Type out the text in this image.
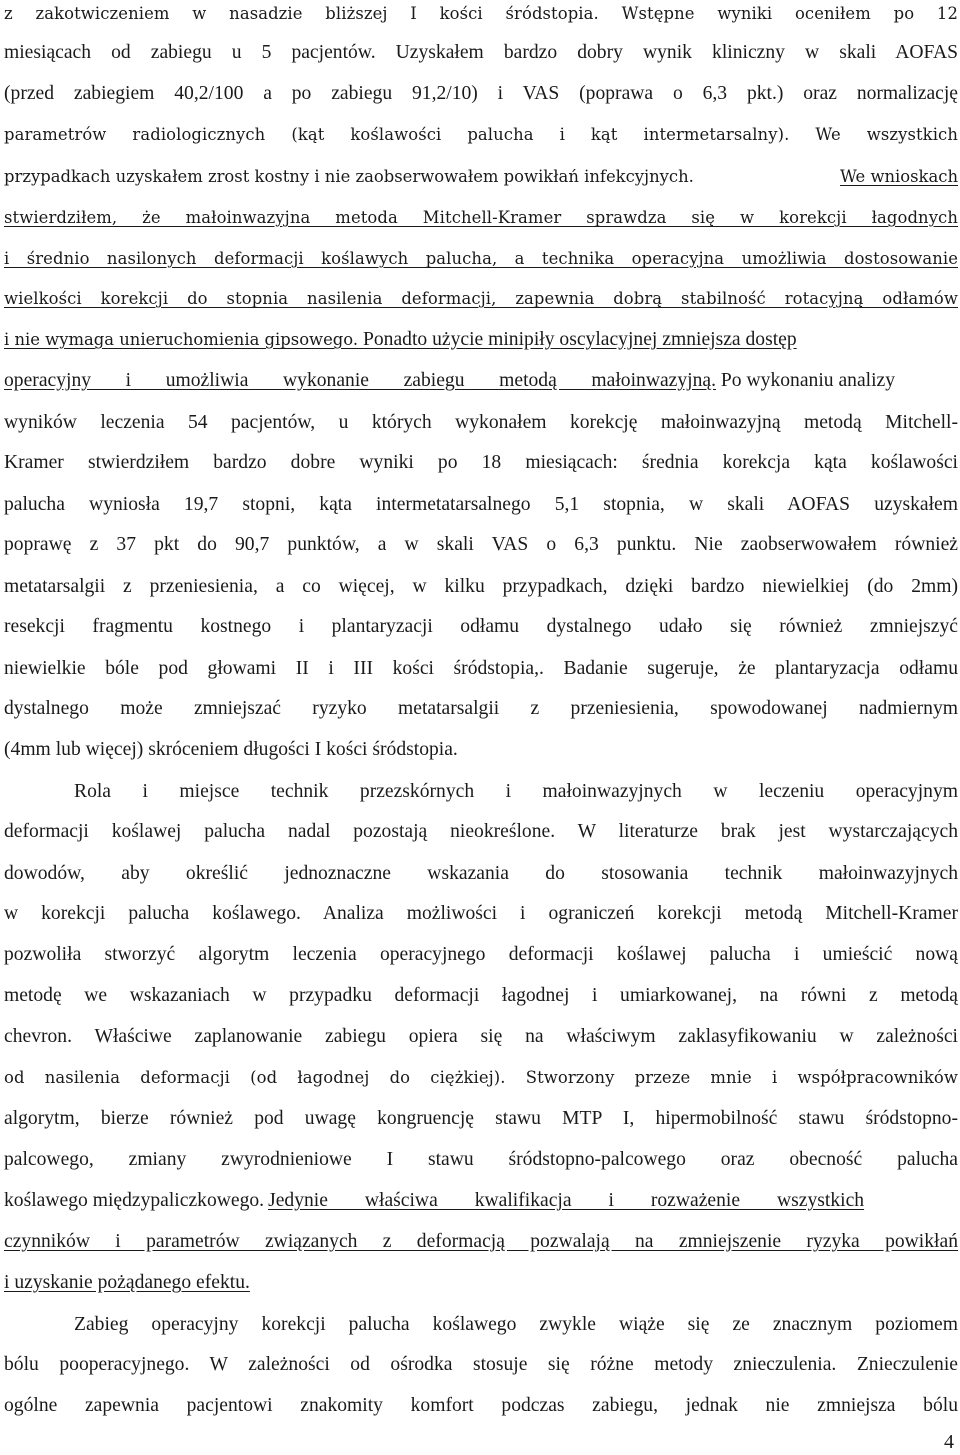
z zakotwiczeniem w nasadzie bliższej I kości śródstopia. Wstępne wyniki oceniłem po 12
miesiącach od zabiegu u 5 pacjentów. Uzyskałem bardzo dobry wynik kliniczny w skali AOFAS
(przed zabiegiem 40,2/100 a po zabiegu 91,2/10) i VAS (poprawa o 6,3 pkt.) oraz normalizację
parametrów radiologicznych (kąt koślawości palucha i kąt intermetarsalny). We wszystkich
przypadkach uzyskałem zrost kostny i nie zaobserwowałem powikłań infekcyjnych.	We wnioskach
stwierdziłem, że małoinwazyjna metoda Mitchell-Kramer sprawdza się w korekcji łagodnych
i średnio nasilonych deformacji koślawych palucha, a technika operacyjna umożliwia dostosowanie
wielkości korekcji do stopnia nasilenia deformacji, zapewnia dobrą stabilność rotacyjną odłamów
i nie wymaga unieruchomienia gipsowego. Ponadto użycie minipiły oscylacyjnej zmniejsza dostęp
operacyjny i umożliwia wykonanie zabiegu metodą małoinwazyjną. Po wykonaniu analizy
wyników leczenia 54 pacjentów, u których wykonałem korekcję małoinwazyjną metodą Mitchell-
Kramer stwierdziłem bardzo dobre wyniki po 18 miesiącach: średnia korekcja kąta koślawości
palucha wyniosła 19,7 stopni, kąta intermetatarsalnego 5,1 stopnia, w skali AOFAS uzyskałem
poprawę z 37 pkt do 90,7 punktów, a w skali VAS o 6,3 punktu. Nie zaobserwowałem również
metatarsalgii z przeniesienia, a co więcej, w kilku przypadkach, dzięki bardzo niewielkiej (do 2mm)
resekcji fragmentu kostnego i plantaryzacji odłamu dystalnego udało się również zmniejszyć
niewielkie bóle pod głowami II i III kości śródstopia,. Badanie sugeruje, że plantaryzacja odłamu
dystalnego może zmniejszać ryzyko metatarsalgii z przeniesienia, spowodowanej nadmiernym
(4mm lub więcej) skróceniem długości I kości śródstopia.
Rola i miejsce technik przezskórnych i małoinwazyjnych w leczeniu operacyjnym
deformacji koślawej palucha nadal pozostają nieokreślone. W literaturze brak jest wystarczających
dowodów, aby określić jednoznaczne wskazania do stosowania technik małoinwazyjnych
w korekcji palucha koślawego. Analiza możliwości i ograniczeń korekcji metodą Mitchell-Kramer
pozwoliła stworzyć algorytm leczenia operacyjnego deformacji koślawej palucha i umieścić nową
metodę we wskazaniach w przypadku deformacji łagodnej i umiarkowanej, na równi z metodą
chevron. Właściwe zaplanowanie zabiegu opiera się na właściwym zaklasyfikowaniu w zależności
od nasilenia deformacji (od łagodnej do ciężkiej). Stworzony przeze mnie i współpracowników
algorytm, bierze również pod uwagę kongruencję stawu MTP I, hipermobilność stawu śródstopno-
palcowego, zmiany zwyrodnieniowe I stawu śródstopno-palcowego oraz obecność palucha
koślawego międzypaliczkowego.Jedynie właściwa kwalifikacja i rozważenie wszystkich
czynników i parametrów związanych z deformacją pozwalają na zmniejszenie ryzyka powikłań
i uzyskanie pożądanego efektu.
Zabieg operacyjny korekcji palucha koślawego zwykle wiąże się ze znacznym poziomem
bólu pooperacyjnego. W zależności od ośrodka stosuje się różne metody znieczulenia. Znieczulenie
ogólne zapewnia pacjentowi znakomity komfort podczas zabiegu, jednak nie zmniejsza bólu
4
